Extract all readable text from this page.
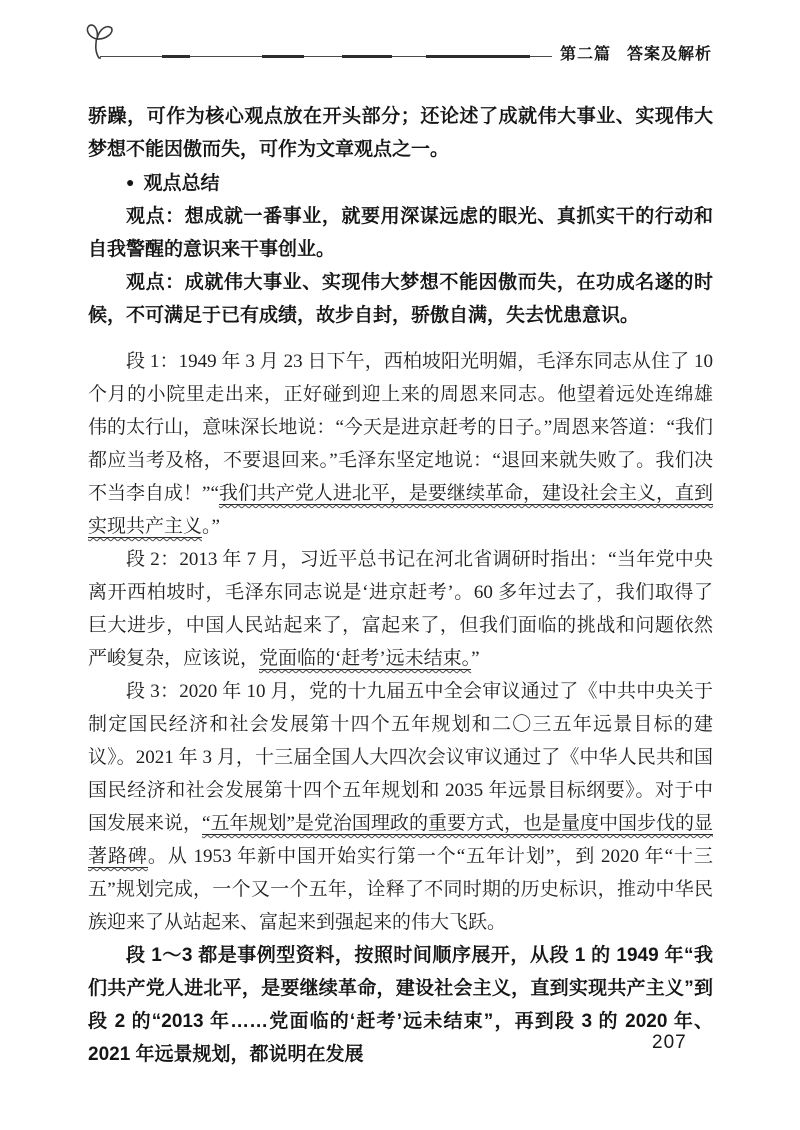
第二篇 答案及解析

骄躁，可作为核心观点放在开头部分；还论述了成就伟大事业、实现伟大梦想不能因傲而失，可作为文章观点之一。

● 观点总结

观点：想成就一番事业，就要用深谋远虑的眼光、真抓实干的行动和自我警醒的意识来干事创业。

观点：成就伟大事业、实现伟大梦想不能因傲而失，在功成名遂的时候，不可满足于已有成绩，故步自封，骄傲自满，失去忧患意识。

段 1：1949 年 3 月 23 日下午，西柏坡阳光明媚，毛泽东同志从住了 10 个月的小院里走出来，正好碰到迎上来的周恩来同志。他望着远处连绵雄伟的太行山，意味深长地说：“今天是进京赶考的日子。”周恩来答道：“我们都应当考及格，不要退回来。”毛泽东坚定地说：“退回来就失败了。我们决不当李自成！”“我们共产党人进北平，是要继续革命，建设社会主义，直到实现共产主义。”

段 2：2013 年 7 月，习近平总书记在河北省调研时指出：“当年党中央离开西柏坡时，毛泽东同志说是‘进京赶考’。60 多年过去了，我们取得了巨大进步，中国人民站起来了，富起来了，但我们面临的挑战和问题依然严峻复杂，应该说，党面临的‘赶考’远未结束。”

段 3：2020 年 10 月，党的十九届五中全会审议通过了《中共中央关于制定国民经济和社会发展第十四个五年规划和二〇三五年远景目标的建议》。2021 年 3 月，十三届全国人大四次会议审议通过了《中华人民共和国国民经济和社会发展第十四个五年规划和 2035 年远景目标纲要》。对于中国发展来说，“五年规划”是党治国理政的重要方式，也是量度中国步伐的显著路碑。从 1953 年新中国开始实行第一个“五年计划”，到 2020 年“十三五”规划完成，一个又一个五年，诠释了不同时期的历史标识，推动中华民族迎来了从站起来、富起来到强起来的伟大飞跃。

段 1～3 都是事例型资料，按照时间顺序展开，从段 1 的 1949 年“我们共产党人进北平，是要继续革命，建设社会主义，直到实现共产主义”到段 2 的“2013 年……党面临的‘赶考’远未结束”，再到段 3 的 2020 年、2021 年远景规划，都说明在发展

207
